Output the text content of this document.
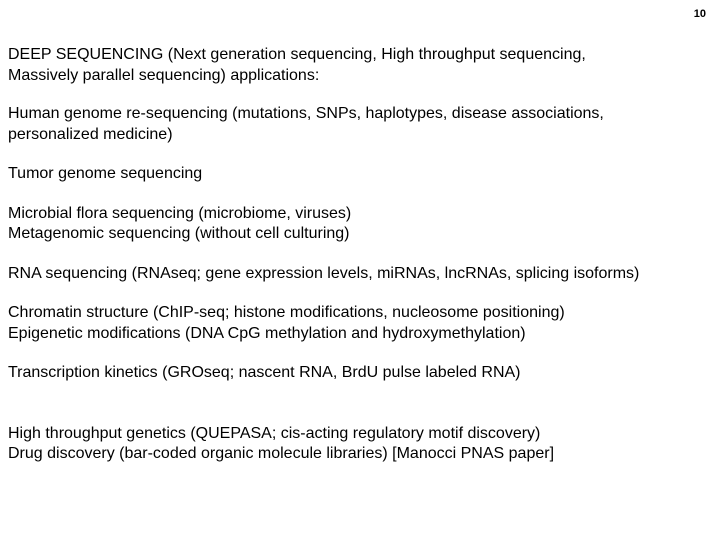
10
DEEP SEQUENCING (Next generation sequencing, High throughput sequencing,
Massively parallel sequencing) applications:
Human genome re-sequencing (mutations, SNPs, haplotypes, disease associations,
personalized medicine)
Tumor genome sequencing
Microbial flora sequencing (microbiome, viruses)
Metagenomic sequencing (without cell culturing)
RNA sequencing (RNAseq; gene expression levels, miRNAs, lncRNAs, splicing isoforms)
Chromatin structure (ChIP-seq; histone modifications, nucleosome positioning)
Epigenetic modifications (DNA CpG methylation and hydroxymethylation)
Transcription kinetics (GROseq; nascent RNA, BrdU pulse labeled RNA)
High throughput genetics (QUEPASA; cis-acting regulatory motif discovery)
Drug discovery (bar-coded organic molecule libraries) [Manocci PNAS paper]
